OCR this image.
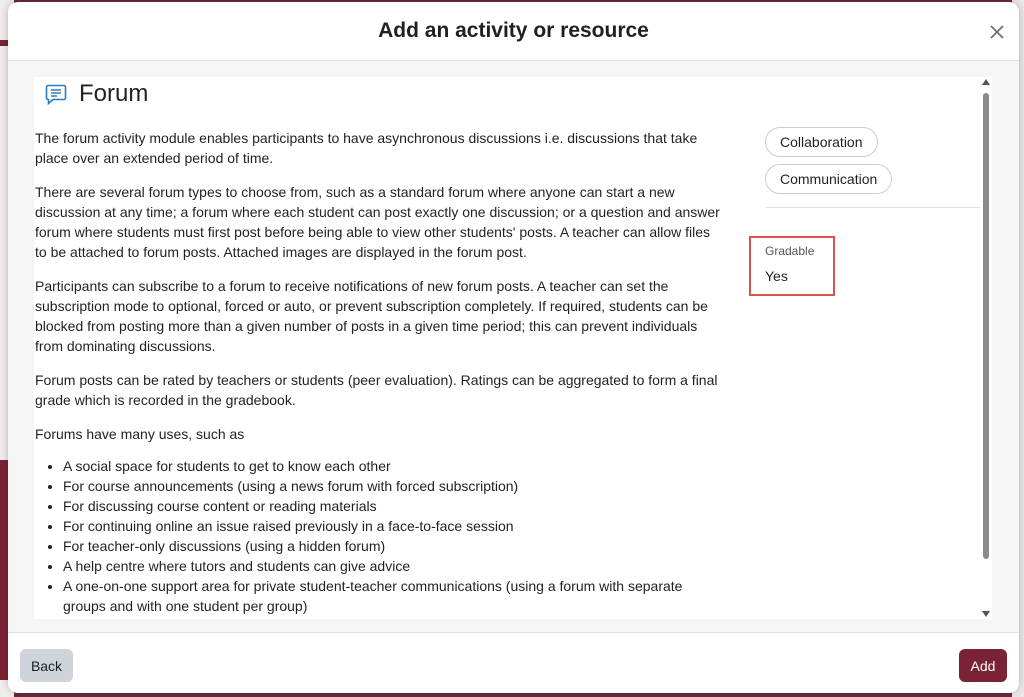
Add an activity or resource
Forum

The forum activity module enables participants to have asynchronous discussions i.e. discussions that take place over an extended period of time.

There are several forum types to choose from, such as a standard forum where anyone can start a new discussion at any time; a forum where each student can post exactly one discussion; or a question and answer forum where students must first post before being able to view other students' posts. A teacher can allow files to be attached to forum posts. Attached images are displayed in the forum post.

Participants can subscribe to a forum to receive notifications of new forum posts. A teacher can set the subscription mode to optional, forced or auto, or prevent subscription completely. If required, students can be blocked from posting more than a given number of posts in a given time period; this can prevent individuals from dominating discussions.

Forum posts can be rated by teachers or students (peer evaluation). Ratings can be aggregated to form a final grade which is recorded in the gradebook.

Forums have many uses, such as

• A social space for students to get to know each other
• For course announcements (using a news forum with forced subscription)
• For discussing course content or reading materials
• For continuing online an issue raised previously in a face-to-face session
• For teacher-only discussions (using a hidden forum)
• A help centre where tutors and students can give advice
• A one-on-one support area for private student-teacher communications (using a forum with separate groups and with one student per group)
Collaboration
Communication
Gradable
Yes
Back	Add
